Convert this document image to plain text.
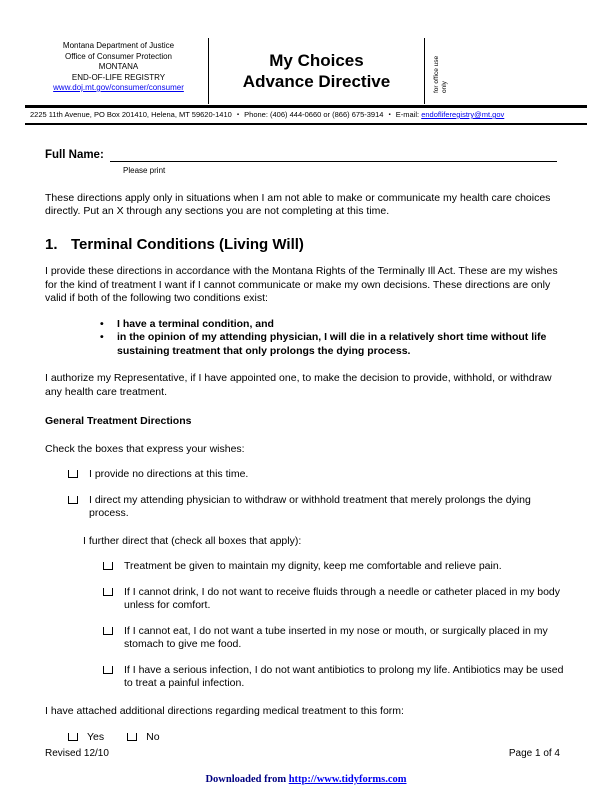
Montana Department of Justice
Office of Consumer Protection
MONTANA
END-OF-LIFE REGISTRY
www.doj.mt.gov/consumer/consumer
My Choices
Advance Directive	for office use only
2225 11th Avenue, PO Box 201410, Helena, MT 59620-1410 ▪ Phone: (406) 444-0660 or (866) 675-3914 ▪ E-mail: endofliferegistry@mt.gov
Full Name:
Please print

These directions apply only in situations when I am not able to make or communicate my health care choices directly. Put an X through any sections you are not completing at this time.

1. Terminal Conditions (Living Will)

I provide these directions in accordance with the Montana Rights of the Terminally Ill Act. These are my wishes for the kind of treatment I want if I cannot communicate or make my own decisions. These directions are only valid if both of the following two conditions exist:

• I have a terminal condition, and
• in the opinion of my attending physician, I will die in a relatively short time without life sustaining treatment that only prolongs the dying process.

I authorize my Representative, if I have appointed one, to make the decision to provide, withhold, or withdraw any health care treatment.

General Treatment Directions

Check the boxes that express your wishes:

I provide no directions at this time.
I direct my attending physician to withdraw or withhold treatment that merely prolongs the dying process.
I further direct that (check all boxes that apply):
Treatment be given to maintain my dignity, keep me comfortable and relieve pain.
If I cannot drink, I do not want to receive fluids through a needle or catheter placed in my body unless for comfort.
If I cannot eat, I do not want a tube inserted in my nose or mouth, or surgically placed in my stomach to give me food.
If I have a serious infection, I do not want antibiotics to prolong my life. Antibiotics may be used to treat a painful infection.

I have attached additional directions regarding medical treatment to this form:

Yes	No
Revised 12/10	Page 1 of 4
Downloaded from http://www.tidyforms.com
